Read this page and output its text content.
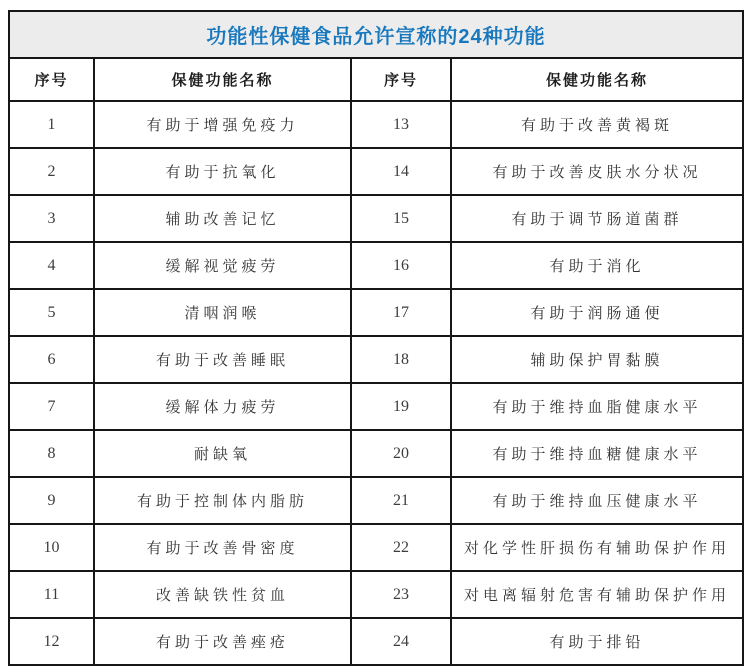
功能性保健食品允许宣称的24种功能			
序号	保健功能名称	序号	保健功能名称
1	有助于增强免疫力	13	有助于改善黄褐斑
2	有助于抗氧化	14	有助于改善皮肤水分状况
3	辅助改善记忆	15	有助于调节肠道菌群
4	缓解视觉疲劳	16	有助于消化
5	清咽润喉	17	有助于润肠通便
6	有助于改善睡眠	18	辅助保护胃黏膜
7	缓解体力疲劳	19	有助于维持血脂健康水平
8	耐缺氧	20	有助于维持血糖健康水平
9	有助于控制体内脂肪	21	有助于维持血压健康水平
10	有助于改善骨密度	22	对化学性肝损伤有辅助保护作用
11	改善缺铁性贫血	23	对电离辐射危害有辅助保护作用
12	有助于改善痤疮	24	有助于排铅
